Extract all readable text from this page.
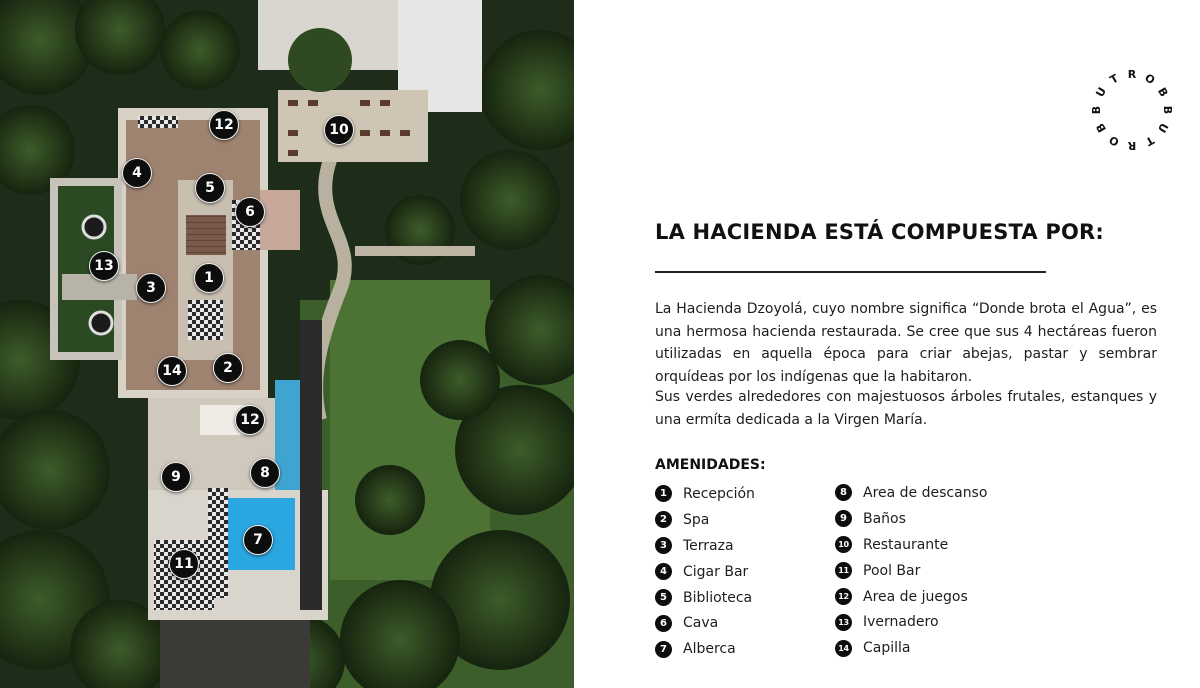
12	10
4
5
6
13
3
1
14	2
12
9	8
7
11
R O
B
B
U
T
R
O
B
B
U
T
LA HACIENDA ESTÁ COMPUESTA POR:

La Hacienda Dzoyolá, cuyo nombre significa “Donde brota el Agua”, es una hermosa hacienda restaurada. Se cree que sus 4 hectáreas fueron utilizadas en aquella época para criar abejas, pastar y sembrar orquídeas por los indígenas que la habitaron.

Sus verdes alrededores con majestuosos árboles frutales, estanques y una ermíta dedicada a la Virgen María.

AMENIDADES:
1	Recepción
2	Spa
3	Terraza
4	Cigar Bar
5	Biblioteca
6	Cava
7	Alberca
8	Area de descanso
9	Baños
10 Restaurante
11 Pool Bar
12 Area de juegos
13 Ivernadero
14 Capilla
